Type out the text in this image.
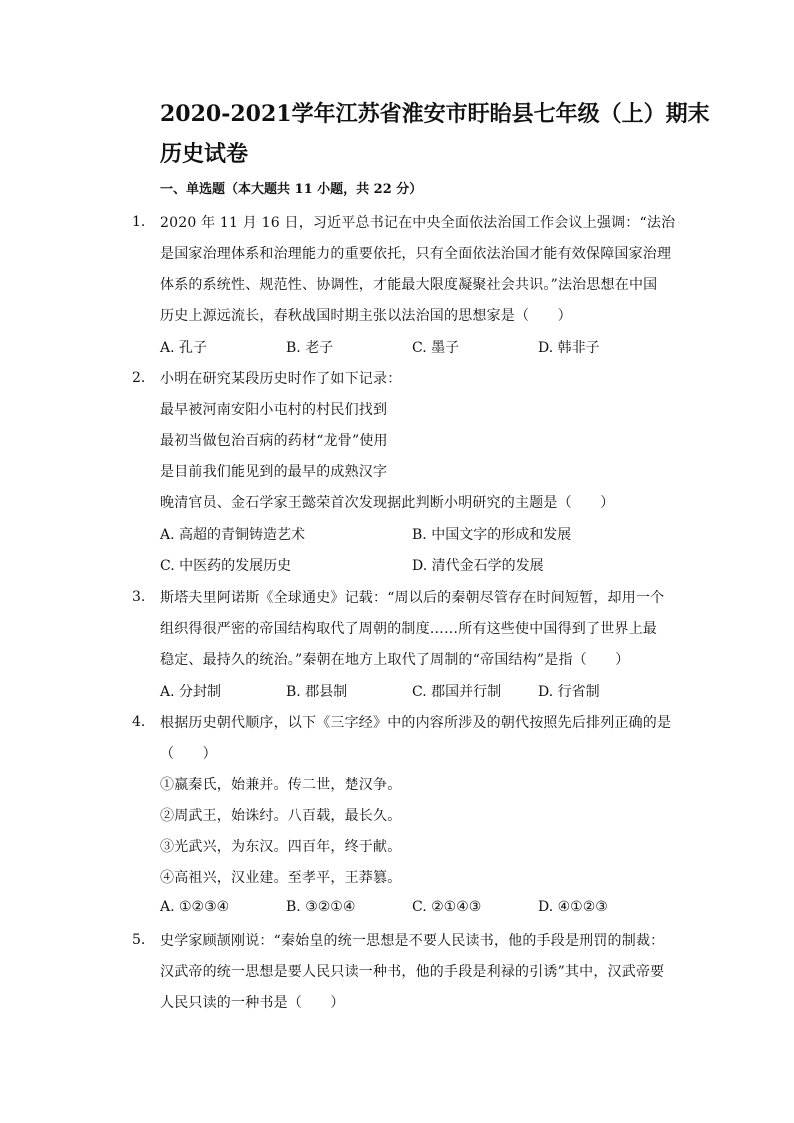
2020-2021学年江苏省淮安市盱眙县七年级（上）期末
历史试卷
一、单选题（本大题共 11 小题，共 22 分）
1. 2020 年 11 月 16 日，习近平总书记在中央全面依法治国工作会议上强调：“法治
是国家治理体系和治理能力的重要依托，只有全面依法治国才能有效保障国家治理
体系的系统性、规范性、协调性，才能最大限度凝聚社会共识。”法治思想在中国
历史上源远流长，春秋战国时期主张以法治国的思想家是（　　）
A. 孔子	B. 老子	C. 墨子	D. 韩非子
2. 小明在研究某段历史时作了如下记录：
最早被河南安阳小屯村的村民们找到
最初当做包治百病的药材“龙骨”使用
是目前我们能见到的最早的成熟汉字
晚清官员、金石学家王懿荣首次发现据此判断小明研究的主题是（　　）
A. 高超的青铜铸造艺术	B. 中国文字的形成和发展
C. 中医药的发展历史	D. 清代金石学的发展
3. 斯塔夫里阿诺斯《全球通史》记载：“周以后的秦朝尽管存在时间短暂，却用一个
组织得很严密的帝国结构取代了周朝的制度……所有这些使中国得到了世界上最
稳定、最持久的统治。”秦朝在地方上取代了周制的“帝国结构”是指（　　）
A. 分封制	B. 郡县制	C. 郡国并行制	D. 行省制
4. 根据历史朝代顺序，以下《三字经》中的内容所涉及的朝代按照先后排列正确的是
（　　）
①嬴秦氏，始兼并。传二世，楚汉争。
②周武王，始诛纣。八百载，最长久。
③光武兴，为东汉。四百年，终于献。
④高祖兴，汉业建。至孝平，王莽篡。
A. ①②③④	B. ③②①④	C. ②①④③	D. ④①②③
5. 史学家顾颉刚说：“秦始皇的统一思想是不要人民读书，他的手段是刑罚的制裁：
汉武帝的统一思想是要人民只读一种书，他的手段是利禄的引诱”其中，汉武帝要
人民只读的一种书是（　　）
